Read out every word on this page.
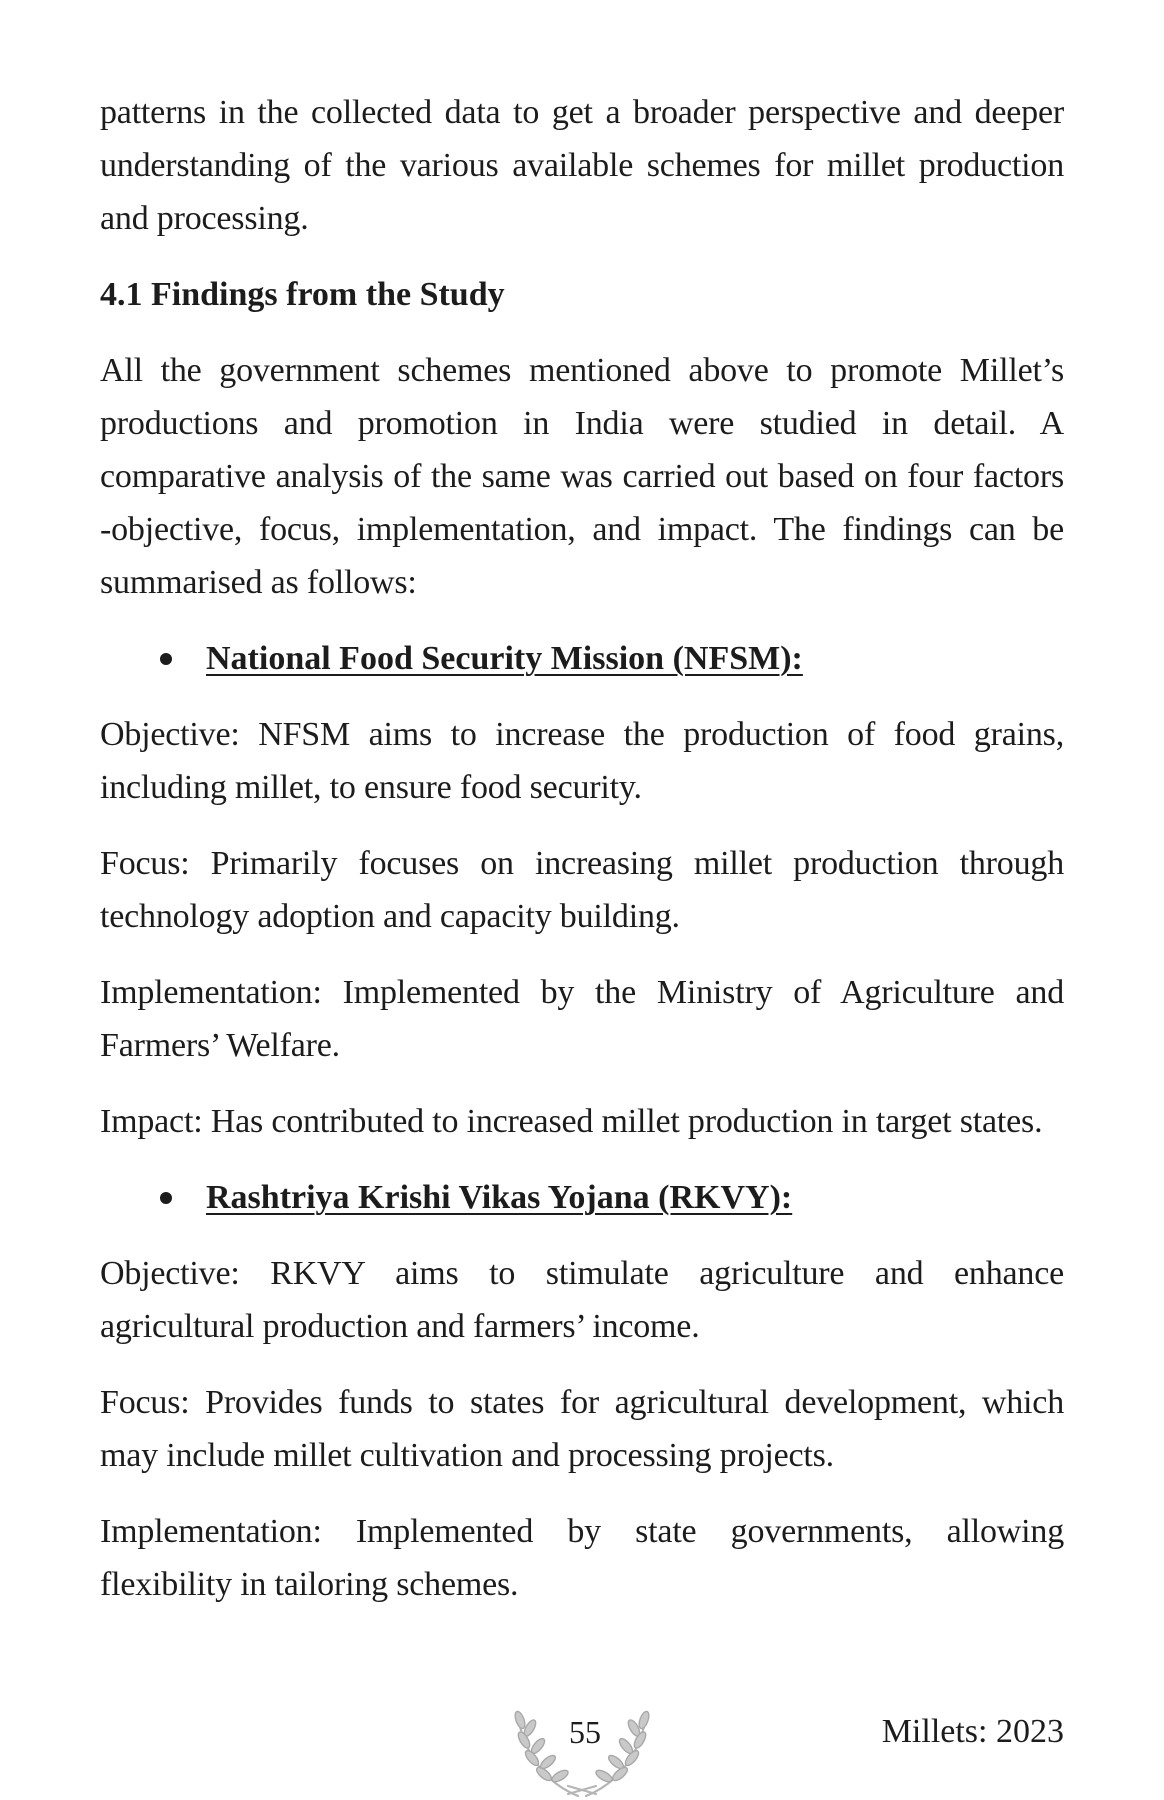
patterns in the collected data to get a broader perspective and deeper understanding of the various available schemes for millet production and processing.

4.1 Findings from the Study

All the government schemes mentioned above to promote Millet’s productions and promotion in India were studied in detail. A comparative analysis of the same was carried out based on four factors -objective, focus, implementation, and impact. The findings can be summarised as follows:

National Food Security Mission (NFSM):

Objective: NFSM aims to increase the production of food grains, including millet, to ensure food security.

Focus: Primarily focuses on increasing millet production through technology adoption and capacity building.

Implementation: Implemented by the Ministry of Agriculture and Farmers’ Welfare.

Impact: Has contributed to increased millet production in target states.

Rashtriya Krishi Vikas Yojana (RKVY):

Objective: RKVY aims to stimulate agriculture and enhance agricultural production and farmers’ income.

Focus: Provides funds to states for agricultural development, which may include millet cultivation and processing projects.

Implementation: Implemented by state governments, allowing flexibility in tailoring schemes.

55	Millets: 2023
